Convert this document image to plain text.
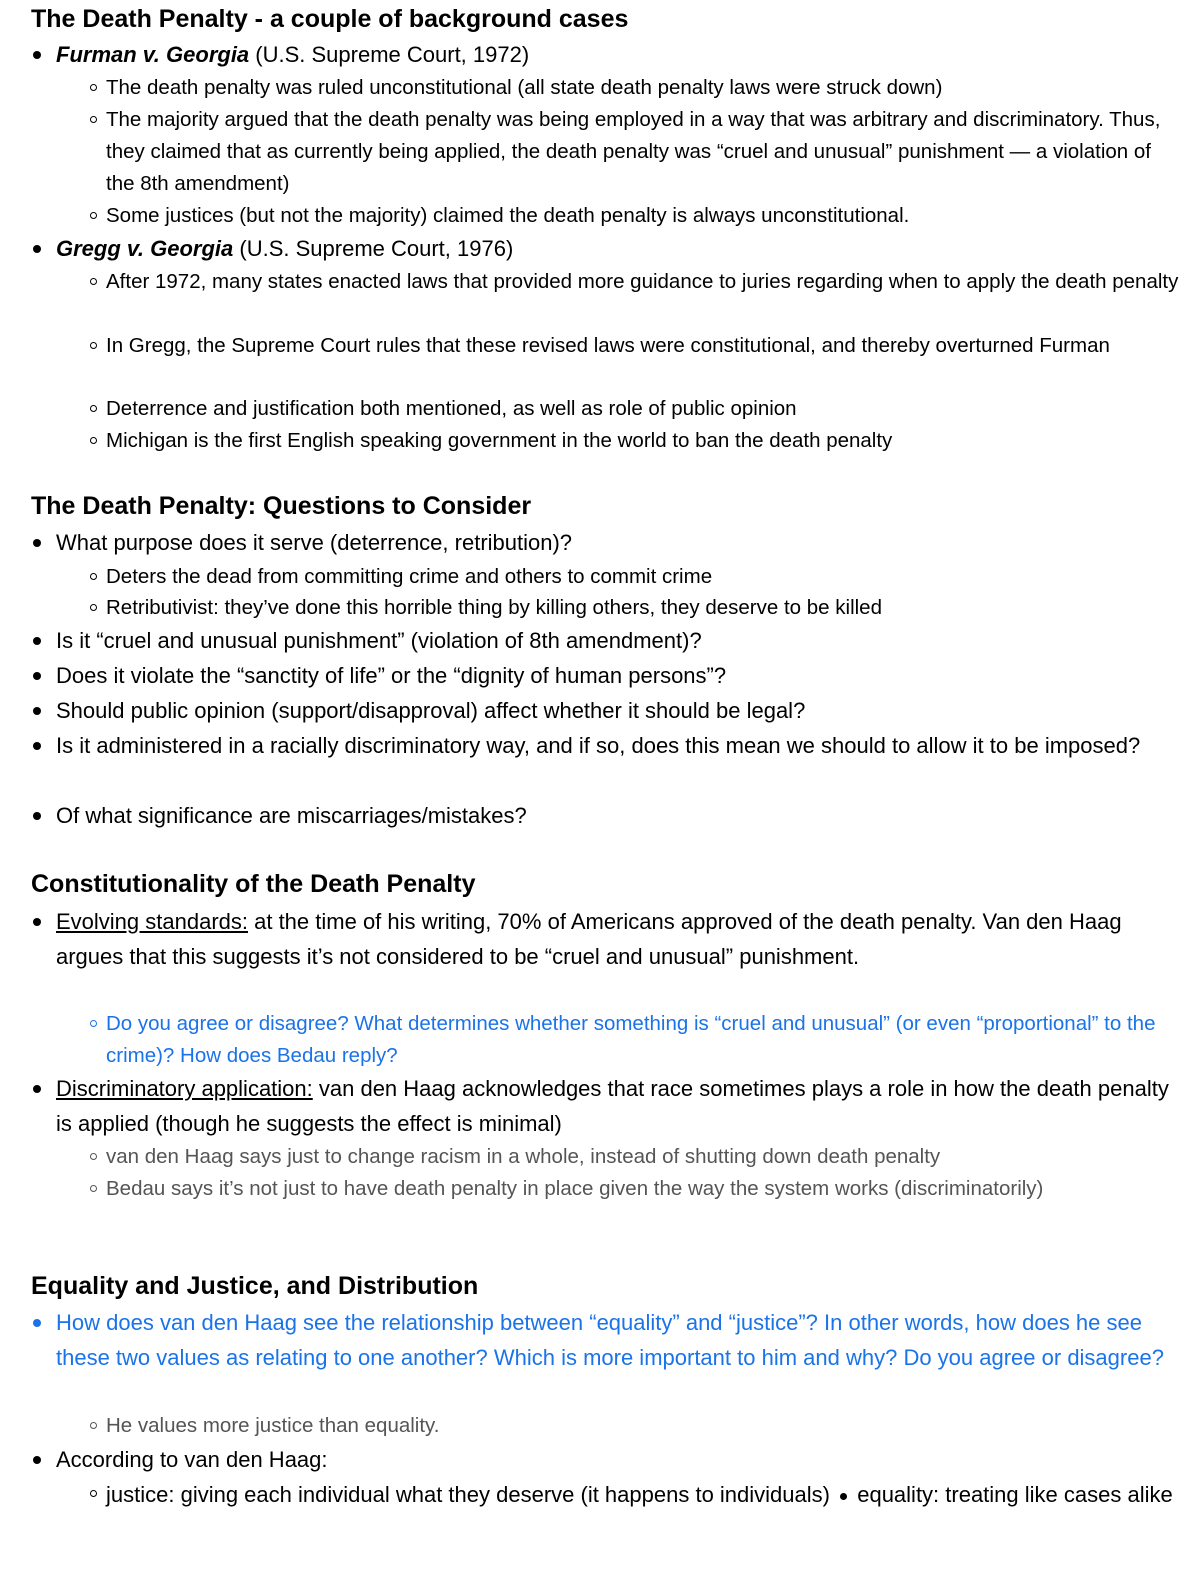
The Death Penalty - a couple of background cases
Furman v. Georgia (U.S. Supreme Court, 1972)
The death penalty was ruled unconstitutional (all state death penalty laws were struck down)
The majority argued that the death penalty was being employed in a way that was arbitrary and discriminatory. Thus, they claimed that as currently being applied, the death penalty was “cruel and unusual” punishment — a violation of the 8th amendment)
Some justices (but not the majority) claimed the death penalty is always unconstitutional.
Gregg v. Georgia (U.S. Supreme Court, 1976)
After 1972, many states enacted laws that provided more guidance to juries regarding when to apply the death penalty
In Gregg, the Supreme Court rules that these revised laws were constitutional, and thereby overturned Furman
Deterrence and justification both mentioned, as well as role of public opinion
Michigan is the first English speaking government in the world to ban the death penalty
The Death Penalty: Questions to Consider
What purpose does it serve (deterrence, retribution)?
Deters the dead from committing crime and others to commit crime
Retributivist: they’ve done this horrible thing by killing others, they deserve to be killed
Is it “cruel and unusual punishment” (violation of 8th amendment)?
Does it violate the “sanctity of life” or the “dignity of human persons”?
Should public opinion (support/disapproval) affect whether it should be legal?
Is it administered in a racially discriminatory way, and if so, does this mean we should to allow it to be imposed?
Of what significance are miscarriages/mistakes?
Constitutionality of the Death Penalty
Evolving standards: at the time of his writing, 70% of Americans approved of the death penalty. Van den Haag argues that this suggests it’s not considered to be “cruel and unusual” punishment.
Do you agree or disagree? What determines whether something is “cruel and unusual” (or even “proportional” to the crime)? How does Bedau reply?
Discriminatory application: van den Haag acknowledges that race sometimes plays a role in how the death penalty is applied (though he suggests the effect is minimal)
van den Haag says just to change racism in a whole, instead of shutting down death penalty
Bedau says it’s not just to have death penalty in place given the way the system works (discriminatorily)
Equality and Justice, and Distribution
How does van den Haag see the relationship between “equality” and “justice”? In other words, how does he see these two values as relating to one another? Which is more important to him and why? Do you agree or disagree?
He values more justice than equality.
According to van den Haag:
justice: giving each individual what they deserve (it happens to individuals)  equality: treating like cases alike
